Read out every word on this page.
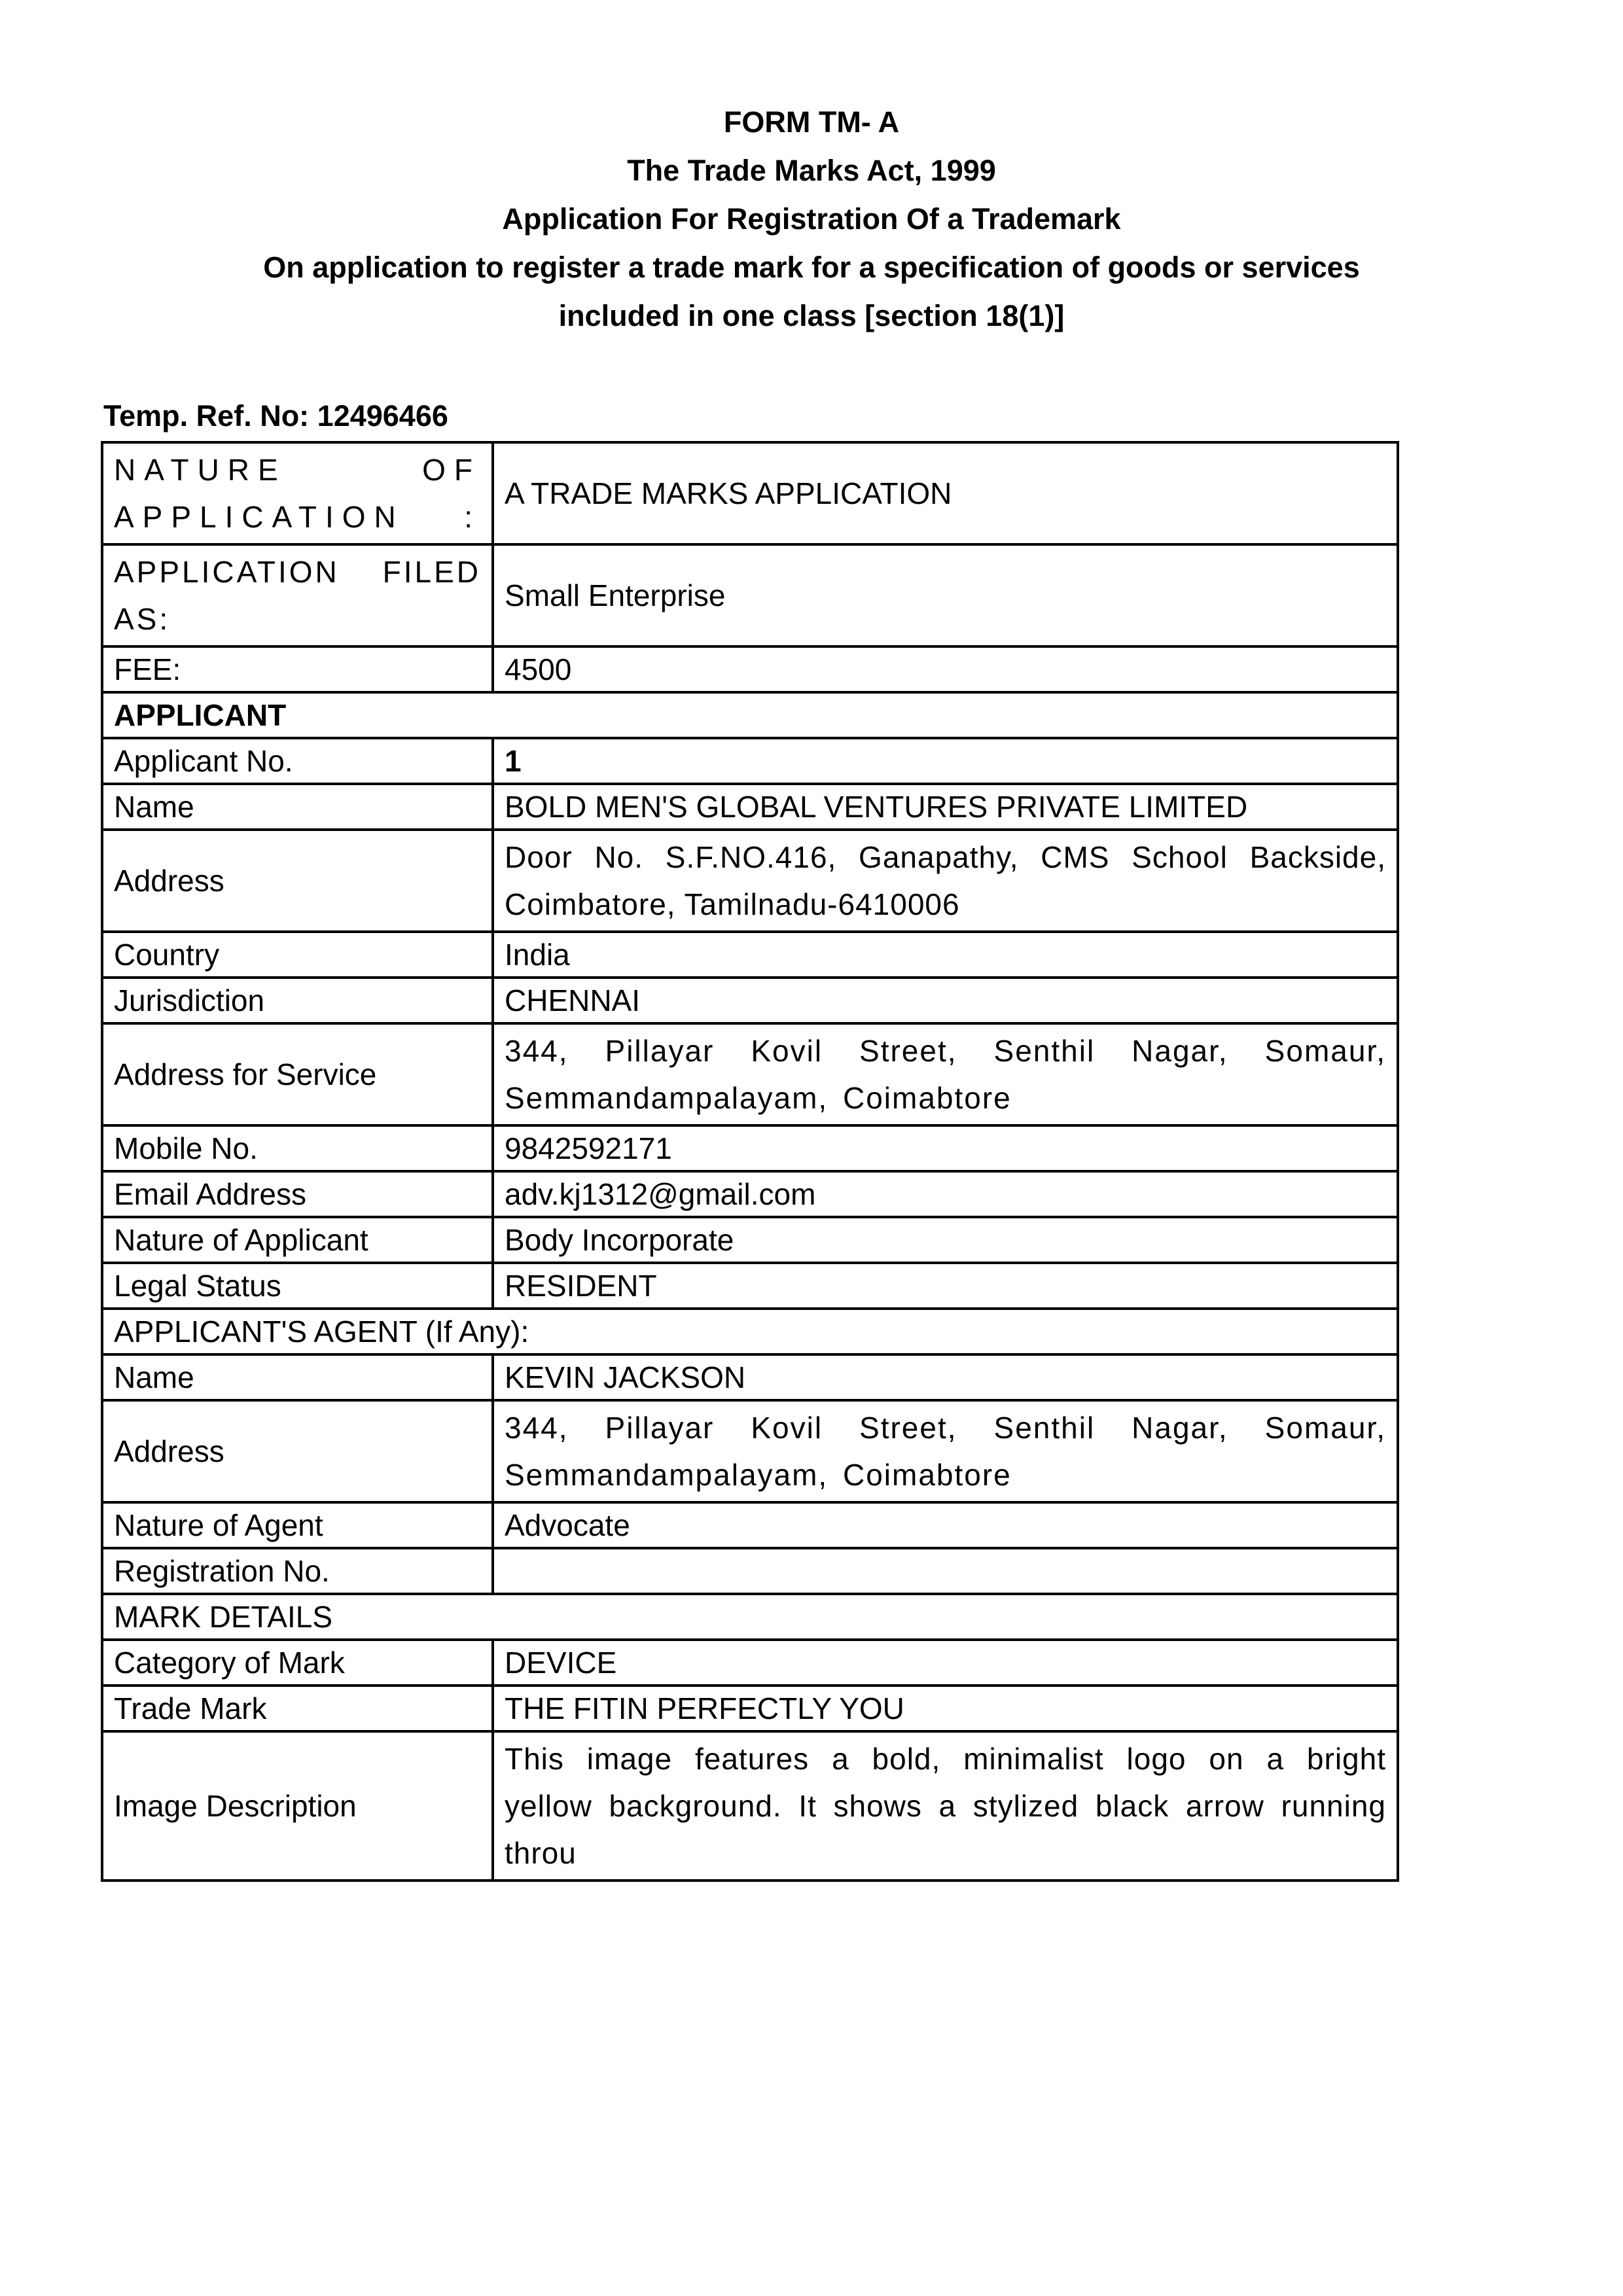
FORM TM- A
The Trade Marks Act, 1999
Application For Registration Of a Trademark
On application to register a trade mark for a specification of goods or services
included in one class [section 18(1)]
Temp. Ref. No: 12496466
NATURE OF
APPLICATION :	A TRADE MARKS APPLICATION

APPLICATION FILED
AS:	Small Enterprise
FEE:	4500
APPLICANT	
Applicant No.	1
Name	BOLD MEN'S GLOBAL VENTURES PRIVATE LIMITED
Address	Door No. S.F.NO.416, Ganapathy, CMS School Backside,
Coimbatore, Tamilnadu-6410006

Country	India
Jurisdiction	CHENNAI
Address for Service	344, Pillayar Kovil Street, Senthil Nagar, Somaur,
Semmandampalayam, Coimabtore

Mobile No.	9842592171
Email Address	adv.kj1312@gmail.com
Nature of Applicant	Body Incorporate
Legal Status	RESIDENT
APPLICANT'S AGENT (If Any):	
Name	KEVIN JACKSON
Address	344, Pillayar Kovil Street, Senthil Nagar, Somaur,
Semmandampalayam, Coimabtore

Nature of Agent	Advocate
Registration No.	
MARK DETAILS	
Category of Mark	DEVICE
Trade Mark	THE FITIN PERFECTLY YOU
Image Description	This image features a bold, minimalist logo on a bright
yellow background. It shows a stylized black arrow running
throu
